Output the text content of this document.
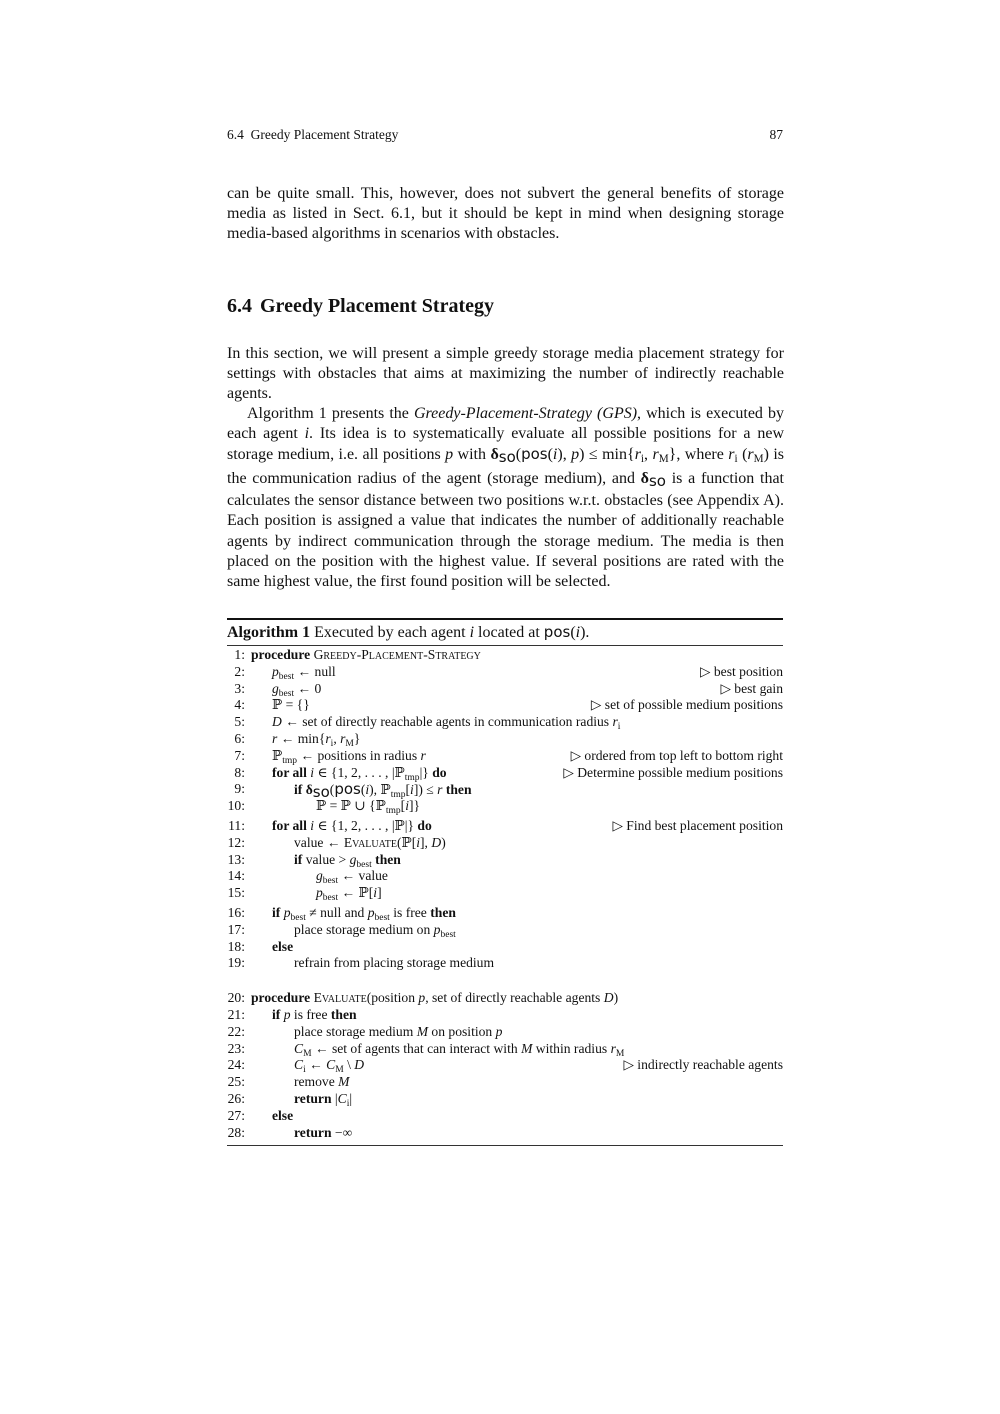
6.4  Greedy Placement Strategy	87

can be quite small. This, however, does not subvert the general benefits of storage media as listed in Sect. 6.1, but it should be kept in mind when designing storage media-based algorithms in scenarios with obstacles.

6.4 Greedy Placement Strategy

In this section, we will present a simple greedy storage media placement strategy for settings with obstacles that aims at maximizing the number of indirectly reachable agents.

Algorithm 1 presents the Greedy-Placement-Strategy (GPS), which is executed by each agent i. Its idea is to systematically evaluate all possible positions for a new storage medium, i.e. all positions p with δso(pos(i), $p) \le \min\{r_i$, $r_M$}, where $r_i$ $(r_M)$ is the communication radius of the agent (storage medium), and δso is a function that calculates the sensor distance between two positions w.r.t. obstacles (see Appendix A). Each position is assigned a value that indicates the number of additionally reachable agents by indirect communication through the storage medium. The media is then placed on the position with the highest value. If several positions are rated with the same highest value, the first found position will be selected.

Algorithm 1 Executed by each agent i located at pos(i).
1: procedure Greedy-Placement-Strategy
2: $p_{best}$ ← null	▷ best position
3: $g_{best}$ ← 0	▷ best gain
4: ℙ = {}	▷ set of possible medium positions
5: D ← set of directly reachable agents in communication radius $r_i$
6: r ← $\min\{r_i$, $r_M$}
7: ℙ$_{tmp}$ ← positions in radius r	▷ ordered from top left to bottom right
8: for all i ∈ {1, 2, . . . , |ℙ$_{tmp}$|} do	▷ Determine possible medium positions
9:	if δso(pos(i), ℙ$_{tmp}$[i]) ≤ r then
10:	ℙ = ℙ ∪ {ℙ$_{tmp}$[i]}
11: for all i ∈ {1, 2, . . . , |ℙ|} do	▷ Find best placement position
12:	value ← Evaluate(ℙ[i], D)
13:	if value > $g_{best}$ then
14:	$g_{best}$ ← value
15:	$p_{best}$ ← ℙ[i]
16: if $p_{best}$ ≠ null and $p_{best}$ is free then
17:	place storage medium on $p_{best}$
18: else
19:	refrain from placing storage medium
20: procedure Evaluate(position p, set of directly reachable agents D)
21: if p is free then
22:	place storage medium M on position p
23:	$C_M$ ← set of agents that can interact with M within radius $r_M$
24:	$C_i$ ← $C_M$ \ D	▷ indirectly reachable agents
25:	remove M
26:	return $|C_i|$
27: else
28:	return −∞
